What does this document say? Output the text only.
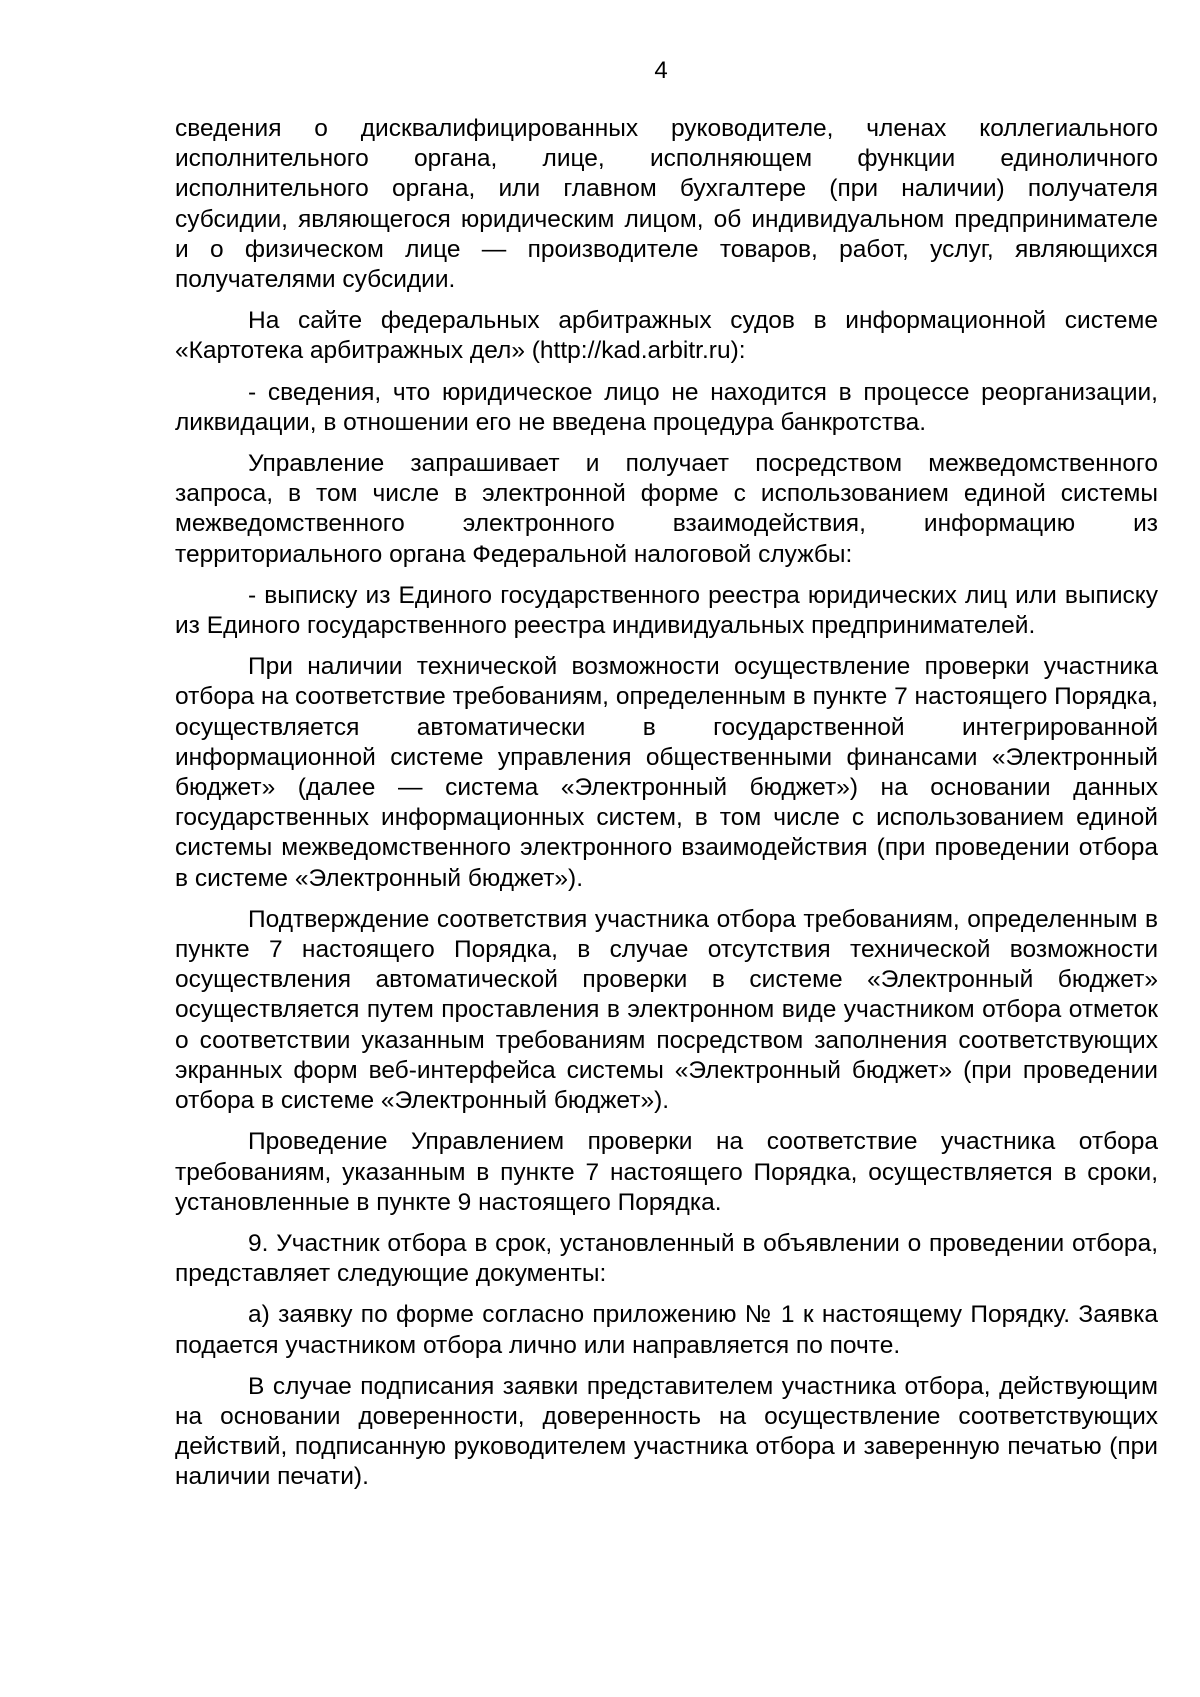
4

сведения о дисквалифицированных руководителе, членах коллегиального исполнительного органа, лице, исполняющем функции единоличного исполнительного органа, или главном бухгалтере (при наличии) получателя субсидии, являющегося юридическим лицом, об индивидуальном предпринимателе и о физическом лице — производителе товаров, работ, услуг, являющихся получателями субсидии.

На сайте федеральных арбитражных судов в информационной системе «Картотека арбитражных дел» (http://kad.arbitr.ru):

- сведения, что юридическое лицо не находится в процессе реорганизации, ликвидации, в отношении его не введена процедура банкротства.

Управление запрашивает и получает посредством межведомственного запроса, в том числе в электронной форме с использованием единой системы межведомственного электронного взаимодействия, информацию из территориального органа Федеральной налоговой службы:

- выписку из Единого государственного реестра юридических лиц или выписку из Единого государственного реестра индивидуальных предпринимателей.

При наличии технической возможности осуществление проверки участника отбора на соответствие требованиям, определенным в пункте 7 настоящего Порядка, осуществляется автоматически в государственной интегрированной информационной системе управления общественными финансами «Электронный бюджет» (далее — система «Электронный бюджет») на основании данных государственных информационных систем, в том числе с использованием единой системы межведомственного электронного взаимодействия (при проведении отбора в системе «Электронный бюджет»).

Подтверждение соответствия участника отбора требованиям, определенным в пункте 7 настоящего Порядка, в случае отсутствия технической возможности осуществления автоматической проверки в системе «Электронный бюджет» осуществляется путем проставления в электронном виде участником отбора отметок о соответствии указанным требованиям посредством заполнения соответствующих экранных форм веб-интерфейса системы «Электронный бюджет» (при проведении отбора в системе «Электронный бюджет»).

Проведение Управлением проверки на соответствие участника отбора требованиям, указанным в пункте 7 настоящего Порядка, осуществляется в сроки, установленные в пункте 9 настоящего Порядка.

9. Участник отбора в срок, установленный в объявлении о проведении отбора, представляет следующие документы:

а) заявку по форме согласно приложению № 1 к настоящему Порядку. Заявка подается участником отбора лично или направляется по почте.

В случае подписания заявки представителем участника отбора, действующим на основании доверенности, доверенность на осуществление соответствующих действий, подписанную руководителем участника отбора и заверенную печатью (при наличии печати).
